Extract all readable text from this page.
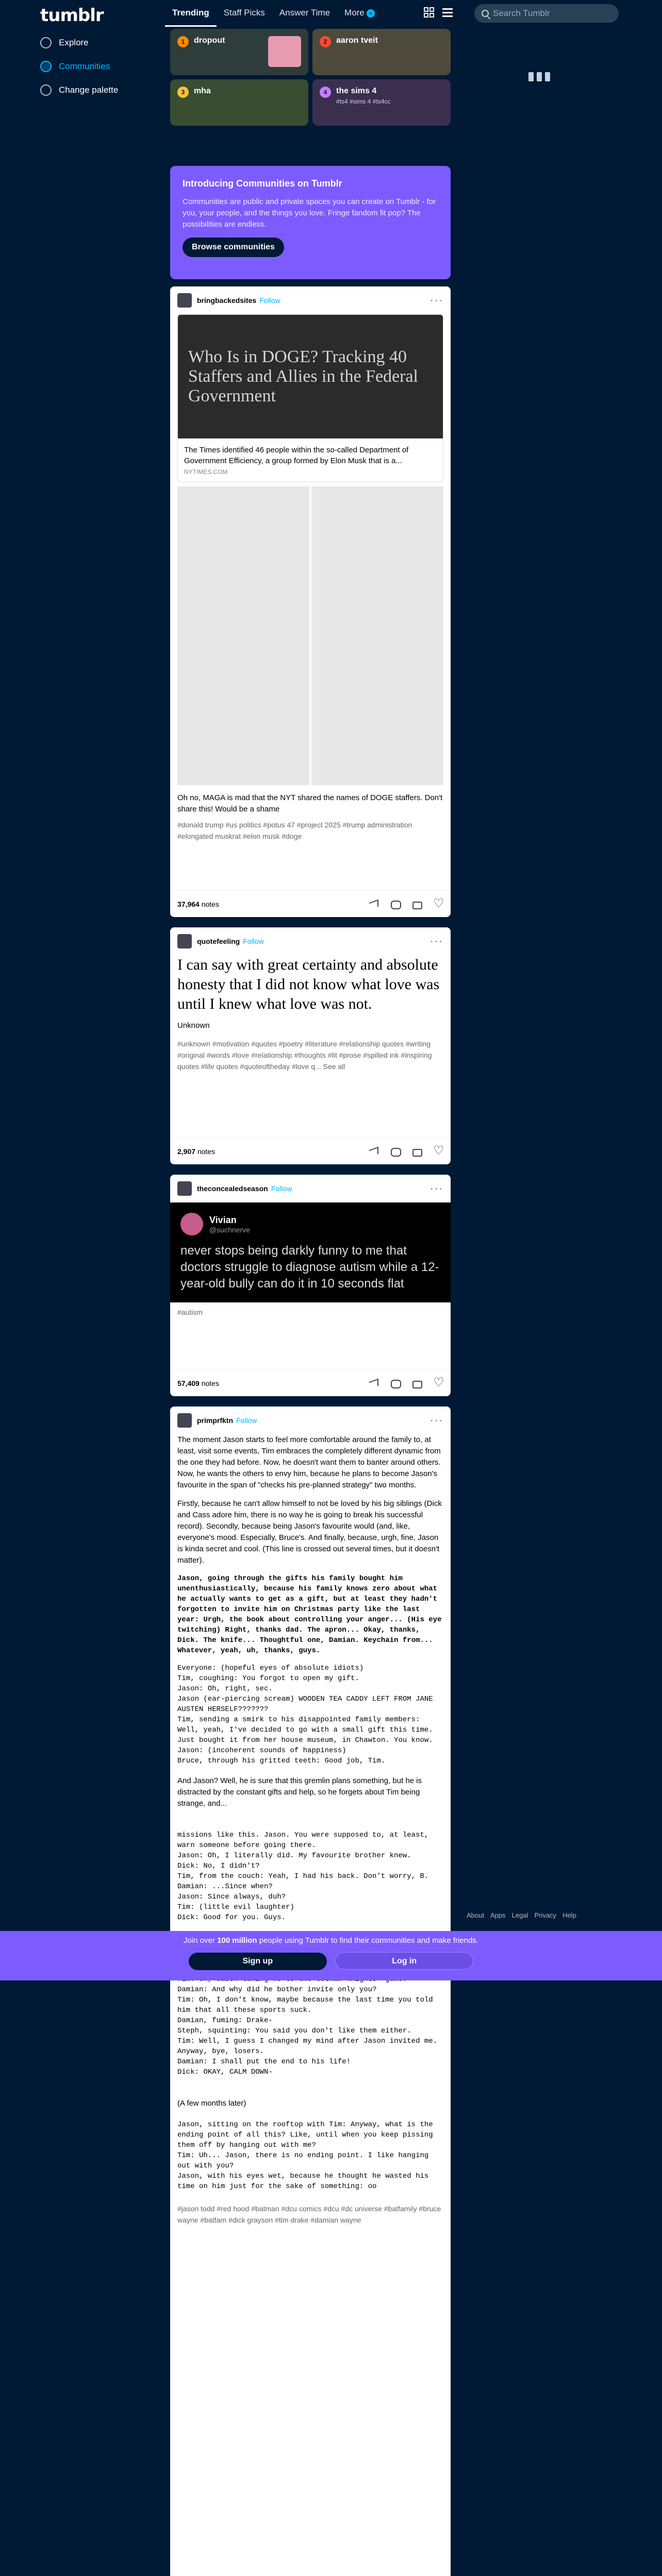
tumblr
Explore
Communities
Change palette
Trending	Staff Picks	Answer Time	More +
Search Tumblr
1	dropout	2	aaron tveit
3	mha	4	the sims 4
#ts4 #sims 4 #ts4cc
Introducing Communities on Tumblr

Communities are public and private spaces you can create on Tumblr - for you, your people, and the things you love. Fringe fandom fit pop? The possibilities are endless.

Browse communities
bringbackedsites Follow	···
Who Is in DOGE? Tracking 40 Staffers and Allies in the Federal Government
The Times identified 46 people within the so-called Department of Government Efficiency, a group formed by Elon Musk that is a...
NYTIMES.COM
Oh no, MAGA is mad that the NYT shared the names of DOGE staffers. Don't share this! Would be a shame
#donald trump #us politics #potus 47 #project 2025 #trump administration #elongated muskrat #elon musk #doge
37,964 notes
♡
quotefeeling Follow	···
I can say with great certainty and absolute honesty that I did not know what love was until I knew what love was not.
Unknown
#unknown #motivation #quotes #poetry #literature #relationship quotes #writing #original #words #love #relationship #thoughts #lit #prose #spilled ink #inspiring quotes #life quotes #quoteoftheday #love q... See all
2,907 notes
♡
theconcealedseason Follow	···
Vivian
@suchnerve
never stops being darkly funny to me that doctors struggle to diagnose autism while a 12-year-old bully can do it in 10 seconds flat
#autism
57,409 notes
♡
primprfktn Follow	···
The moment Jason starts to feel more comfortable around the family to, at least, visit some events, Tim embraces the completely different dynamic from the one they had before. Now, he doesn't want them to banter around others. Now, he wants the others to envy him, because he plans to become Jason's favourite in the span of "checks his pre-planned strategy" two months.
Firstly, because he can't allow himself to not be loved by his big siblings (Dick and Cass adore him, there is no way he is going to break his successful record). Secondly, because being Jason's favourite would (and, like, everyone's mood. Especially, Bruce's. And finally, because, urgh, fine, Jason is kinda secret and cool. (This line is crossed out several times, but it doesn't matter).
Jason, going through the gifts his family bought him unenthusiastically, because his family knows zero about what he actually wants to get as a gift, but at least they hadn't forgotten to invite him on Christmas party like the last year: Urgh, the book about controlling your anger... (His eye twitching) Right, thanks dad. The apron... Okay, thanks, Dick. The knife... Thoughtful one, Damian. Keychain from... Whatever, yeah, uh, thanks, guys.
Everyone: (hopeful eyes of absolute idiots)
Tim, coughing: You forgot to open my gift.
Jason: Oh, right, sec.
Jason (ear-piercing scream) WOODEN TEA CADDY LEFT FROM JANE AUSTEN HERSELF???????
Tim, sending a smirk to his disappointed family members: Well, yeah, I've decided to go with a small gift this time. Just bought it from her house museum, in Chawton. You know.
Jason: (incoherent sounds of happiness)
Bruce, through his gritted teeth: Good job, Tim.
And Jason? Well, he is sure that this gremlin plans something, but he is distracted by the constant gifts and help, so he forgets about Tim being strange, and...
missions like this. Jason. You were supposed to, at least, warn someone before going there.
Jason: Oh, I literally did. My favourite brother knew.
Dick: No, I didn't?
Tim, from the couch: Yeah, I had his back. Don't worry, B.
Damian: ...Since when?
Jason: Since always, duh?
Tim: (little evil laughter)
Dick: Good for you. Guys.

Damian: And why did he bother invite only you?
Tim: Oh, I don't know, maybe because the last time you told him that all these sports suck.
Damian, fuming: Drake-
Steph, squinting: You said you don't like them either.
Tim: Well, I guess I changed my mind after Jason invited me. Anyway, bye, losers.
Damian: I shall put the end to his life!
Dick: OKAY, CALM DOWN-
(A few months later)
Jason, sitting on the rooftop with Tim: Anyway, what is the ending point of all this? Like, until when you keep pissing them off by hanging out with me?
Tim: Uh... Jason, there is no ending point. I like hanging out with you?
Jason, with his eyes wet, because he thought he wasted his time on him just for the sake of something: oo
#jason todd #red hood #batman #dcu comics #dcu #dc universe #batfamily #bruce wayne #batfam #dick grayson #tim drake #damian wayne
About Apps Legal Privacy Help
Join over 100 million people using Tumblr to find their communities and make friends.
Sign up	Log in
